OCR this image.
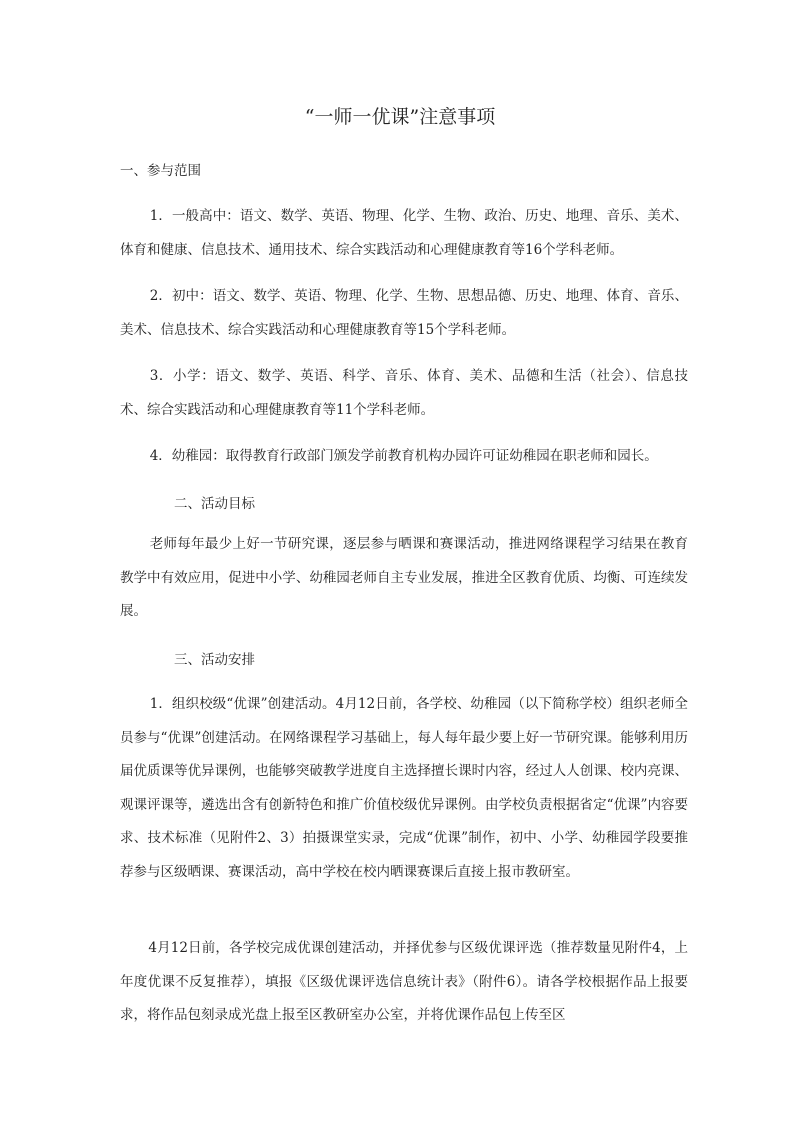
“一师一优课”注意事项
一、参与范围
1．一般高中：语文、数学、英语、物理、化学、生物、政治、历史、地理、音乐、美术、体育和健康、信息技术、通用技术、综合实践活动和心理健康教育等16个学科老师。
2．初中：语文、数学、英语、物理、化学、生物、思想品德、历史、地理、体育、音乐、美术、信息技术、综合实践活动和心理健康教育等15个学科老师。
3．小学：语文、数学、英语、科学、音乐、体育、美术、品德和生活（社会）、信息技术、综合实践活动和心理健康教育等11个学科老师。
4．幼稚园：取得教育行政部门颁发学前教育机构办园许可证幼稚园在职老师和园长。
二、活动目标
老师每年最少上好一节研究课，逐层参与晒课和赛课活动，推进网络课程学习结果在教育教学中有效应用，促进中小学、幼稚园老师自主专业发展，推进全区教育优质、均衡、可连续发展。
三、活动安排
1．组织校级“优课”创建活动。4月12日前，各学校、幼稚园（以下简称学校）组织老师全员参与“优课”创建活动。在网络课程学习基础上，每人每年最少要上好一节研究课。能够利用历届优质课等优异课例，也能够突破教学进度自主选择擅长课时内容，经过人人创课、校内亮课、观课评课等，遴选出含有创新特色和推广价值校级优异课例。由学校负责根据省定“优课”内容要求、技术标准（见附件2、3）拍摄课堂实录，完成“优课”制作，初中、小学、幼稚园学段要推荐参与区级晒课、赛课活动，高中学校在校内晒课赛课后直接上报市教研室。
4月12日前，各学校完成优课创建活动，并择优参与区级优课评选（推荐数量见附件4，上年度优课不反复推荐），填报《区级优课评选信息统计表》（附件6）。请各学校根据作品上报要求，将作品包刻录成光盘上报至区教研室办公室，并将优课作品包上传至区
